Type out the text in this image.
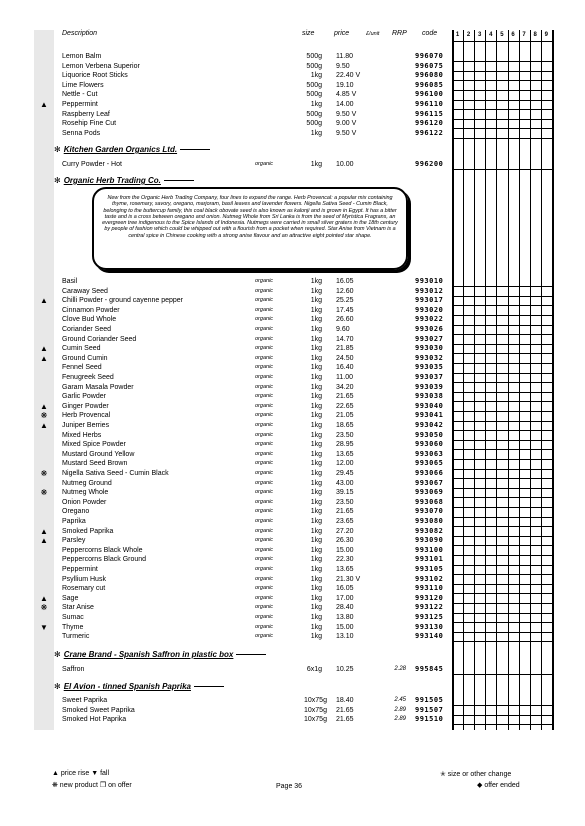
Description	size	price	£/unit RRP code	1	2	3	4	5	6	7	8	9
Lemon Balm	500g 11.80	996070
Lemon Verbena Superior	500g 9.50	996075
Liquorice Root Sticks	1kg 22.40 V	996080
Lime Flowers	500g 19.10	996085
Nettle - Cut	500g 4.85 V	996100
▲ Peppermint	1kg 14.00	996110
Raspberry Leaf	500g 9.50 V	996115
Rosehip Fine Cut	500g 9.00 V	996120
Senna Pods	1kg 9.50 V	996122
✻ Kitchen Garden Organics Ltd.
Curry Powder - Hot	organic	1kg 10.00	996200
✻ Organic Herb Trading Co.
New from the Organic Herb Trading Company, four lines to expand the range. Herb Provencal: a popular mix containing thyme, rosemary, savory, oregano, marjoram, basil leaves and lavender flowers. Nigella Sativa Seed - Cumin Black, belonging to the buttercup family, this coal black obovate seed is also known as kalonji and is grown in Egypt. It has a bitter taste and is a cross between oregano and onion. Nutmeg Whole from Sri Lanka is from the seed of Myristica Fragrans, an evergreen tree indigenous to the Spice Islands of Indonesia. Nutmegs were carried in small silver graters in the 18th century by people of fashion which could be whipped out with a flourish from a pocket when required. Star Anise from Vietnam is a central spice in Chinese cooking with a strong anise flavour and an attractive eight pointed star shape.
Basil	organic	1kg 16.05	993010
Caraway Seed	organic	1kg 12.60	993012
▲ Chilli Powder - ground cayenne pepper	organic	1kg 25.25	993017
Cinnamon Powder	organic	1kg 17.45	993020
Clove Bud Whole	organic	1kg 26.60	993022
Coriander Seed	organic	1kg 9.60	993026
Ground Coriander Seed	organic	1kg 14.70	993027
▲ Cumin Seed	organic	1kg 21.85	993030
▲ Ground Cumin	organic	1kg 24.50	993032
Fennel Seed	organic	1kg 16.40	993035
Fenugreek Seed	organic	1kg 11.00	993037
Garam Masala Powder	organic	1kg 34.20	993039
Garlic Powder	organic	1kg 21.65	993038
▲ Ginger Powder	organic	1kg 22.65	993040
❋	Herb Provencal	organic	1kg 21.05	993041
▲ Juniper Berries	organic	1kg 18.65	993042
Mixed Herbs	organic	1kg 23.50	993050
Mixed Spice Powder	organic	1kg 28.95	993060
Mustard Ground Yellow	organic	1kg 13.65	993063
Mustard Seed Brown	organic	1kg 12.00	993065
❋	Nigella Sativa Seed - Cumin Black	organic	1kg 29.45	993066
Nutmeg Ground	organic	1kg 43.00	993067
❋	Nutmeg Whole	organic	1kg 39.15	993069
Onion Powder	organic	1kg 23.50	993068
Oregano	organic	1kg 21.65	993070
Paprika	organic	1kg 23.65	993080
▲ Smoked Paprika	organic	1kg 27.20	993082
▲ Parsley	organic	1kg 26.30	993090
Peppercorns Black Whole	organic	1kg 15.00	993100
Peppercorns Black Ground	organic	1kg 22.30	993101
Peppermint	organic	1kg 13.65	993105
Psyllium Husk	organic	1kg 21.30 V	993102
Rosemary cut	organic	1kg 16.05	993110
▲ Sage	organic	1kg 17.00	993120
❋	Star Anise	organic	1kg 28.40	993122
Sumac	organic	1kg 13.80	993125
▼ Thyme	organic	1kg 15.00	993130
Turmeric	organic	1kg 13.10	993140
✻ Crane Brand - Spanish Saffron in plastic box
Saffron	6x1g 10.25	2.28 995845
✻ El Avion - tinned Spanish Paprika
Sweet Paprika	10x75g 18.40	2.45 991505
Smoked Sweet Paprika	10x75g 21.65	2.89 991507
Smoked Hot Paprika	10x75g 21.65	2.89 991510
▲ price rise ▼ fall
❋ new product ❒ on offer	Page 36
✭ size or other change
◆ offer ended
